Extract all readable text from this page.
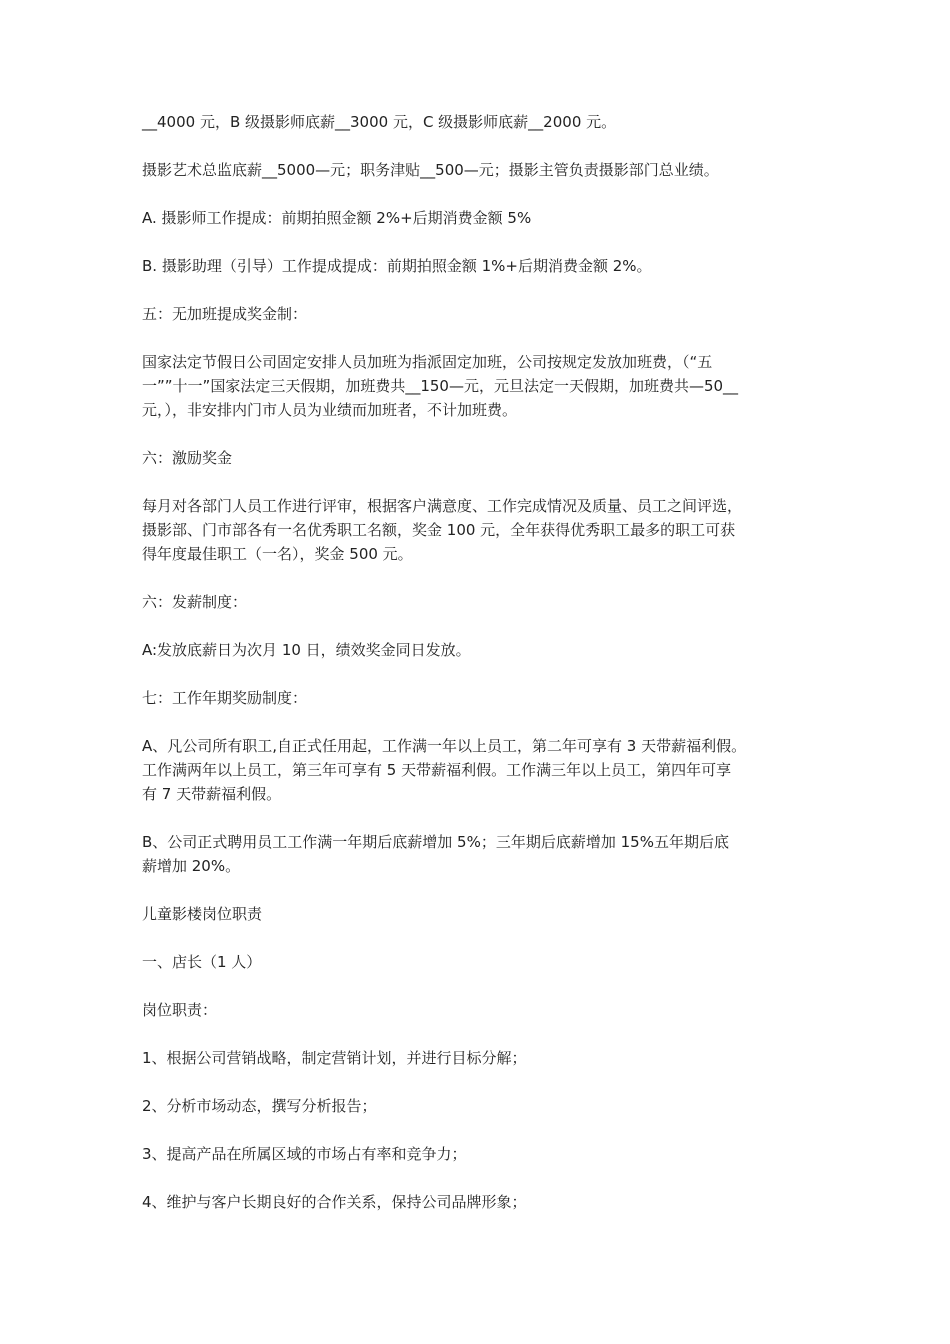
__4000 元，B 级摄影师底薪__3000 元，C 级摄影师底薪__2000 元。

摄影艺术总监底薪__5000—元；职务津贴__500—元；摄影主管负责摄影部门总业绩。

A. 摄影师工作提成：前期拍照金额 2%+后期消费金额 5%

B. 摄影助理（引导）工作提成提成：前期拍照金额 1%+后期消费金额 2%。

五：无加班提成奖金制：

国家法定节假日公司固定安排人员加班为指派固定加班，公司按规定发放加班费，（“五
一””十一”国家法定三天假期，加班费共__150—元，元旦法定一天假期，加班费共—50__
元，），非安排内门市人员为业绩而加班者，不计加班费。

六：激励奖金

每月对各部门人员工作进行评审，根据客户满意度、工作完成情况及质量、员工之间评选，
摄影部、门市部各有一名优秀职工名额，奖金 100 元，全年获得优秀职工最多的职工可获
得年度最佳职工（一名），奖金 500 元。

六：发薪制度：

A:发放底薪日为次月 10 日，绩效奖金同日发放。

七：工作年期奖励制度：

A、凡公司所有职工,自正式任用起，工作满一年以上员工，第二年可享有 3 天带薪福利假。
工作满两年以上员工，第三年可享有 5 天带薪福利假。工作满三年以上员工，第四年可享
有 7 天带薪福利假。

B、公司正式聘用员工工作满一年期后底薪增加 5%；三年期后底薪增加 15%五年期后底
薪增加 20%。

儿童影楼岗位职责

一、店长（1 人）

岗位职责：

1、根据公司营销战略，制定营销计划，并进行目标分解；

2、分析市场动态，撰写分析报告；

3、提高产品在所属区域的市场占有率和竞争力；

4、维护与客户长期良好的合作关系，保持公司品牌形象；
